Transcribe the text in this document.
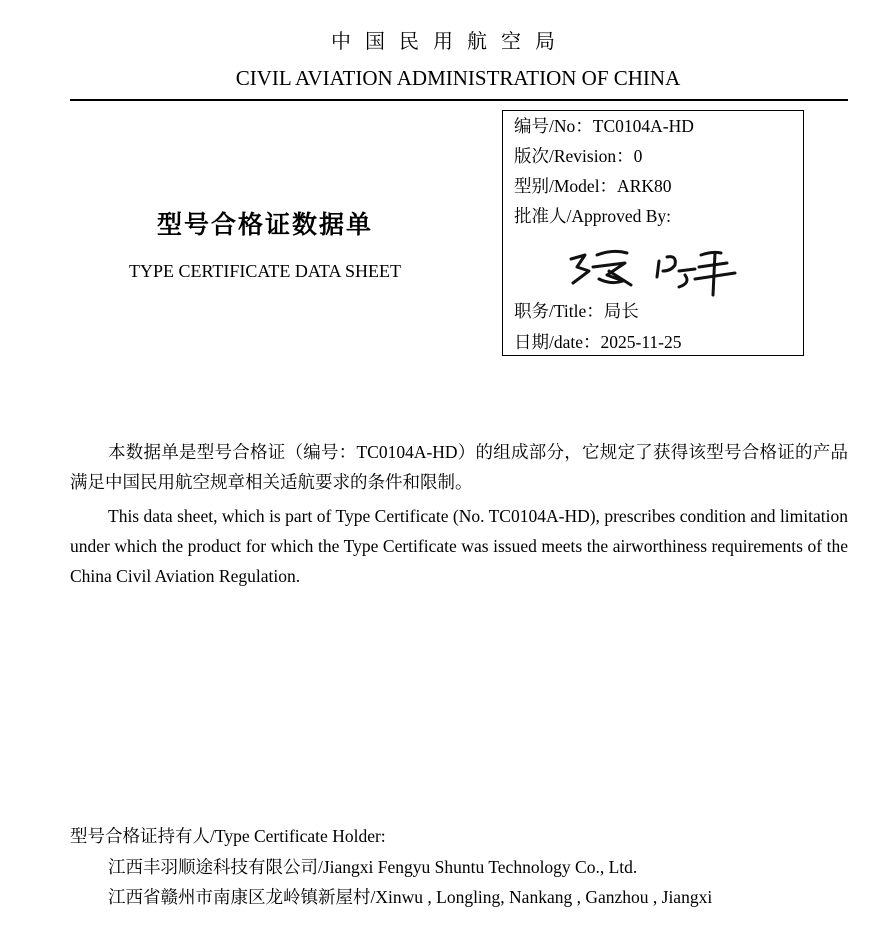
中国民用航空局
CIVIL AVIATION ADMINISTRATION OF CHINA
型号合格证数据单
TYPE CERTIFICATE DATA SHEET
编号/No：TC0104A-HD
版次/Revision：0
型别/Model：ARK80
批准人/Approved By:
职务/Title：局长
日期/date：2025-11-25
本数据单是型号合格证（编号：TC0104A-HD）的组成部分，它规定了获得该型号合格证的产品满足中国民用航空规章相关适航要求的条件和限制。
This data sheet, which is part of Type Certificate (No. TC0104A-HD), prescribes condition and limitation under which the product for which the Type Certificate was issued meets the airworthiness requirements of the China Civil Aviation Regulation.
型号合格证持有人/Type Certificate Holder:
江西丰羽顺途科技有限公司/Jiangxi Fengyu Shuntu Technology Co., Ltd.
江西省赣州市南康区龙岭镇新屋村/Xinwu , Longling, Nankang , Ganzhou , Jiangxi
